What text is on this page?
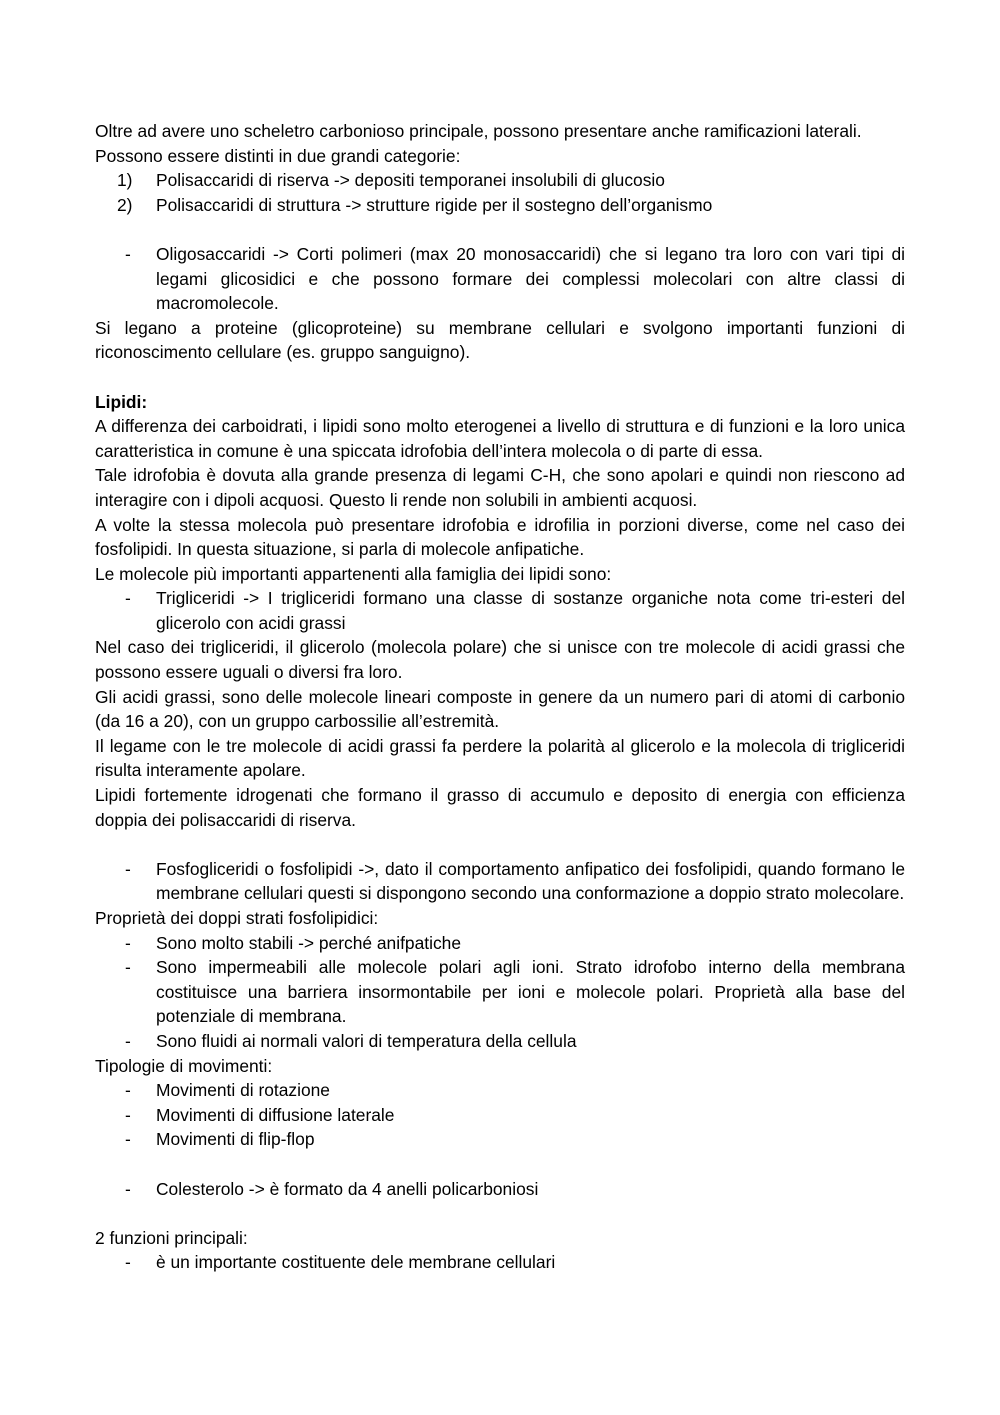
Oltre ad avere uno scheletro carbonioso principale, possono presentare anche ramificazioni laterali.

Possono essere distinti in due grandi categorie:

1) Polisaccaridi di riserva -> depositi temporanei insolubili di glucosio
2) Polisaccaridi di struttura -> strutture rigide per il sostegno dell’organismo
- Oligosaccaridi -> Corti polimeri (max 20 monosaccaridi) che si legano tra loro con vari tipi di legami glicosidici e che possono formare dei complessi molecolari con altre classi di macromolecole.

Si legano a proteine (glicoproteine) su membrane cellulari e svolgono importanti funzioni di riconoscimento cellulare (es. gruppo sanguigno).

Lipidi:

A differenza dei carboidrati, i lipidi sono molto eterogenei a livello di struttura e di funzioni e la loro unica caratteristica in comune è una spiccata idrofobia dell’intera molecola o di parte di essa.

Tale idrofobia è dovuta alla grande presenza di legami C-H, che sono apolari e quindi non riescono ad interagire con i dipoli acquosi. Questo li rende non solubili in ambienti acquosi.

A volte la stessa molecola può presentare idrofobia e idrofilia in porzioni diverse, come nel caso dei fosfolipidi. In questa situazione, si parla di molecole anfipatiche.

Le molecole più importanti appartenenti alla famiglia dei lipidi sono:

- Trigliceridi -> I trigliceridi formano una classe di sostanze organiche nota come tri-esteri del glicerolo con acidi grassi

Nel caso dei trigliceridi, il glicerolo (molecola polare) che si unisce con tre molecole di acidi grassi che possono essere uguali o diversi fra loro.

Gli acidi grassi, sono delle molecole lineari composte in genere da un numero pari di atomi di carbonio (da 16 a 20), con un gruppo carbossilie all’estremità.

Il legame con le tre molecole di acidi grassi fa perdere la polarità al glicerolo e la molecola di trigliceridi risulta interamente apolare.

Lipidi fortemente idrogenati che formano il grasso di accumulo e deposito di energia con efficienza doppia dei polisaccaridi di riserva.

- Fosfogliceridi o fosfolipidi ->, dato il comportamento anfipatico dei fosfolipidi, quando formano le membrane cellulari questi si dispongono secondo una conformazione a doppio strato molecolare.

Proprietà dei doppi strati fosfolipidici:

- Sono molto stabili -> perché anifpatiche
- Sono impermeabili alle molecole polari agli ioni. Strato idrofobo interno della membrana costituisce una barriera insormontabile per ioni e molecole polari. Proprietà alla base del potenziale di membrana.
- Sono fluidi ai normali valori di temperatura della cellula

Tipologie di movimenti:

- Movimenti di rotazione
- Movimenti di diffusione laterale
- Movimenti di flip-flop
- Colesterolo -> è formato da 4 anelli policarboniosi

2 funzioni principali:

- è un importante costituente dele membrane cellulari
